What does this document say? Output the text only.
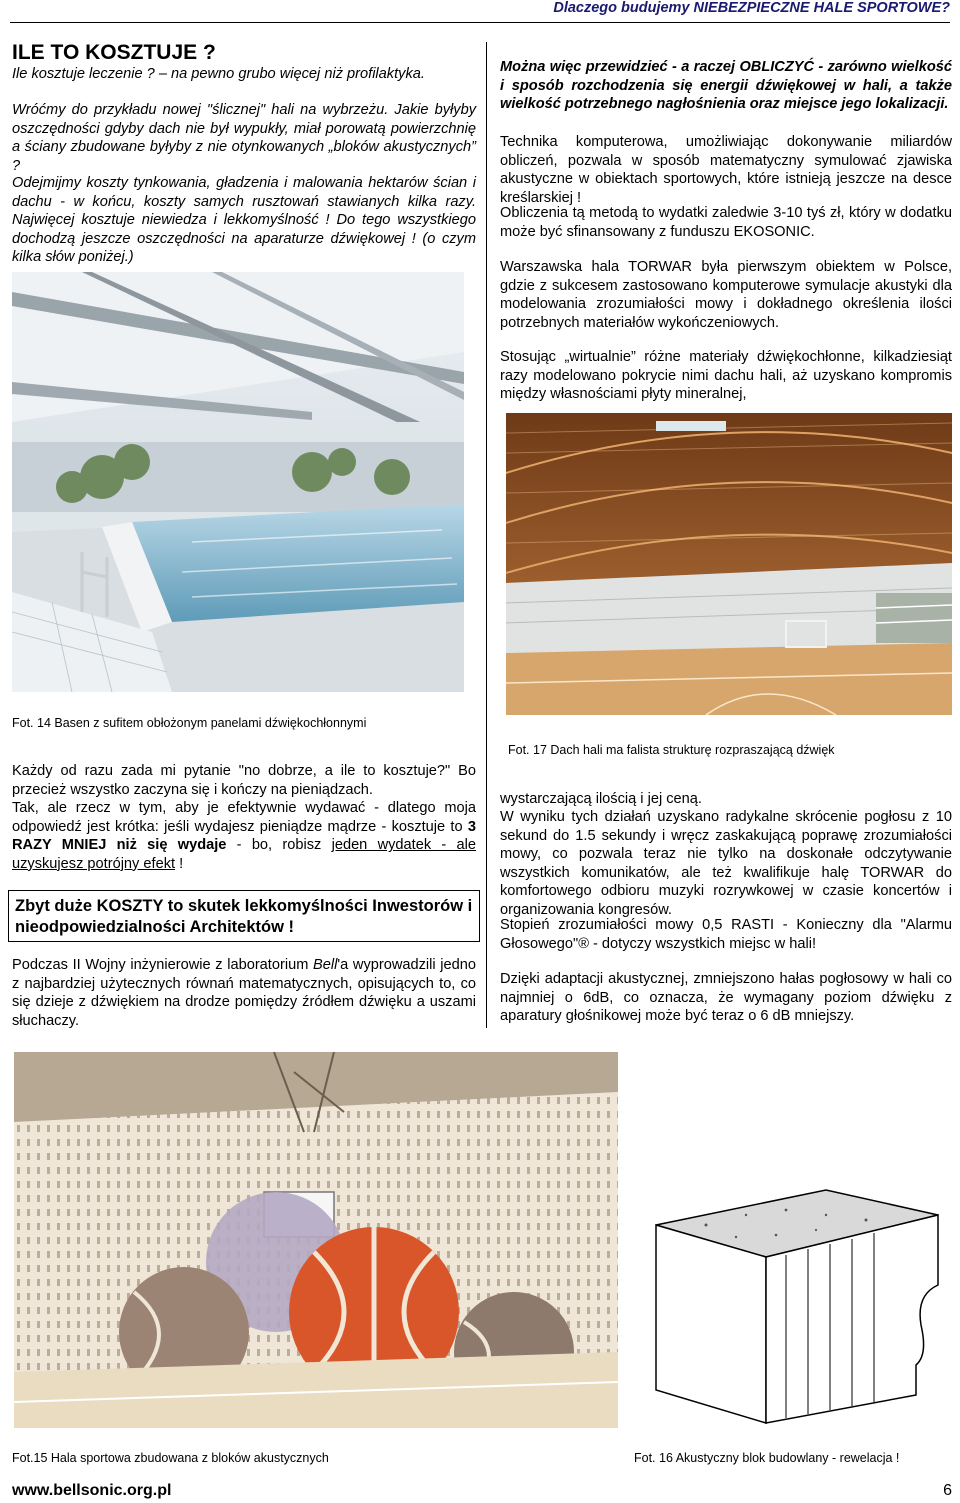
Dlaczego budujemy NIEBEZPIECZNE HALE SPORTOWE?
ILE TO KOSZTUJE ?
Ile kosztuje leczenie ? – na pewno grubo więcej niż profilaktyka.
Wróćmy do przykładu nowej "ślicznej" hali na wybrzeżu. Jakie byłyby oszczędności gdyby dach nie był wypukły, miał porowatą powierzchnię a ściany zbudowane byłyby z nie otynkowanych „bloków akustycznych” ?
Odejmijmy koszty tynkowania, gładzenia i malowania hektarów ścian i dachu - w końcu, koszty samych rusztowań stawianych kilka razy. Najwięcej kosztuje niewiedza i lekkomyślność ! Do tego wszystkiego dochodzą jeszcze oszczędności na aparaturze dźwiękowej ! (o czym kilka słów poniżej.)
Fot. 14 Basen z sufitem obłożonym panelami dźwiękochłonnymi
Każdy od razu zada mi pytanie "no dobrze, a ile to kosztuje?" Bo przecież wszystko zaczyna się i kończy na pieniądzach.
Tak, ale rzecz w tym, aby je efektywnie wydawać - dlatego moja odpowiedź jest krótka: jeśli wydajesz pieniądze mądrze - kosztuje to 3 RAZY MNIEJ niż się wydaje - bo, robisz jeden wydatek - ale uzyskujesz potrójny efekt !
Zbyt duże KOSZTY to skutek lekkomyślności Inwestorów i nieodpowiedzialności Architektów !
Podczas II Wojny inżynierowie z laboratorium Bell'a wyprowadzili jedno z najbardziej użytecznych równań matematycznych, opisujących to, co się dzieje z dźwiękiem na drodze pomiędzy źródłem dźwięku a uszami słuchaczy.
Można więc przewidzieć - a raczej OBLICZYĆ - zarówno wielkość i sposób rozchodzenia się energii dźwiękowej w hali, a także wielkość potrzebnego nagłośnienia oraz miejsce jego lokalizacji.
Technika komputerowa, umożliwiając dokonywanie miliardów obliczeń, pozwala w sposób matematyczny symulować zjawiska akustyczne w obiektach sportowych, które istnieją jeszcze na desce kreślarskiej !
Obliczenia tą metodą to wydatki zaledwie 3-10 tyś zł, który w dodatku może być sfinansowany z funduszu EKOSONIC.
Warszawska hala TORWAR była pierwszym obiektem w Polsce, gdzie z sukcesem zastosowano komputerowe symulacje akustyki dla modelowania zrozumiałości mowy i dokładnego określenia ilości potrzebnych materiałów wykończeniowych.
Stosując „wirtualnie” różne materiały dźwiękochłonne, kilkadziesiąt razy modelowano pokrycie nimi dachu hali, aż uzyskano kompromis między własnościami płyty mineralnej,
Fot. 17 Dach hali ma falista strukturę rozpraszającą dźwięk
wystarczającą ilością i jej ceną.
W wyniku tych działań uzyskano radykalne skrócenie pogłosu z 10 sekund do 1.5 sekundy i wręcz zaskakującą poprawę zrozumiałości mowy, co pozwala teraz nie tylko na doskonałe odczytywanie wszystkich komunikatów, ale też kwalifikuje halę TORWAR do komfortowego odbioru muzyki rozrywkowej w czasie koncertów i organizowania kongresów.
Stopień zrozumiałości mowy 0,5 RASTI - Konieczny dla "Alarmu Głosowego"® - dotyczy wszystkich miejsc w hali!
Dzięki adaptacji akustycznej, zmniejszono hałas pogłosowy w hali co najmniej o 6dB, co oznacza, że wymagany poziom dźwięku z aparatury głośnikowej może być teraz o 6 dB mniejszy.
Fot.15 Hala sportowa zbudowana z bloków akustycznych	Fot. 16 Akustyczny blok budowlany - rewelacja !
www.bellsonic.org.pl	6
